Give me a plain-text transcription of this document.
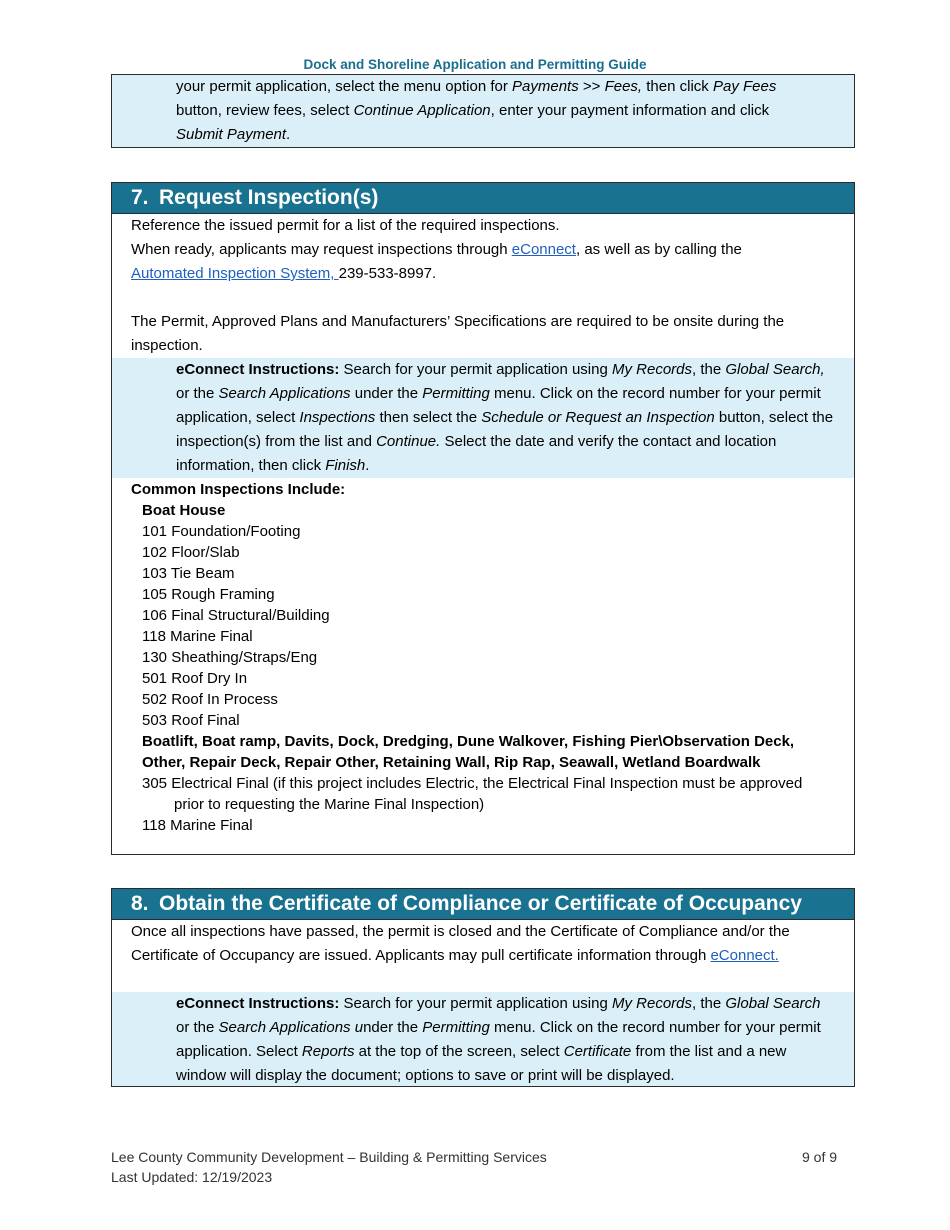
Dock and Shoreline Application and Permitting Guide
your permit application, select the menu option for Payments >> Fees, then click Pay Fees
button, review fees, select Continue Application, enter your payment information and click
Submit Payment.
7. Request Inspection(s)
Reference the issued permit for a list of the required inspections.
When ready, applicants may request inspections through eConnect, as well as by calling the
Automated Inspection System, 239-533-8997.
The Permit, Approved Plans and Manufacturers’ Specifications are required to be onsite during the inspection.
eConnect Instructions: Search for your permit application using My Records, the Global Search, or the Search Applications under the Permitting menu. Click on the record number for your permit application, select Inspections then select the Schedule or Request an Inspection button, select the inspection(s) from the list and Continue. Select the date and verify the contact and location information, then click Finish.
Common Inspections Include:
Boat House
101 Foundation/Footing
102 Floor/Slab
103 Tie Beam
105 Rough Framing
106 Final Structural/Building
118 Marine Final
130 Sheathing/Straps/Eng
501 Roof Dry In
502 Roof In Process
503 Roof Final
Boatlift, Boat ramp, Davits, Dock, Dredging, Dune Walkover, Fishing Pier\Observation Deck, Other, Repair Deck, Repair Other, Retaining Wall, Rip Rap, Seawall, Wetland Boardwalk
305 Electrical Final (if this project includes Electric, the Electrical Final Inspection must be approved prior to requesting the Marine Final Inspection)
118 Marine Final
8. Obtain the Certificate of Compliance or Certificate of Occupancy
Once all inspections have passed, the permit is closed and the Certificate of Compliance and/or the Certificate of Occupancy are issued. Applicants may pull certificate information through eConnect.
eConnect Instructions: Search for your permit application using My Records, the Global Search or the Search Applications under the Permitting menu. Click on the record number for your permit application. Select Reports at the top of the screen, select Certificate from the list and a new window will display the document; options to save or print will be displayed.
Lee County Community Development – Building & Permitting Services
Last Updated: 12/19/2023
9 of 9
